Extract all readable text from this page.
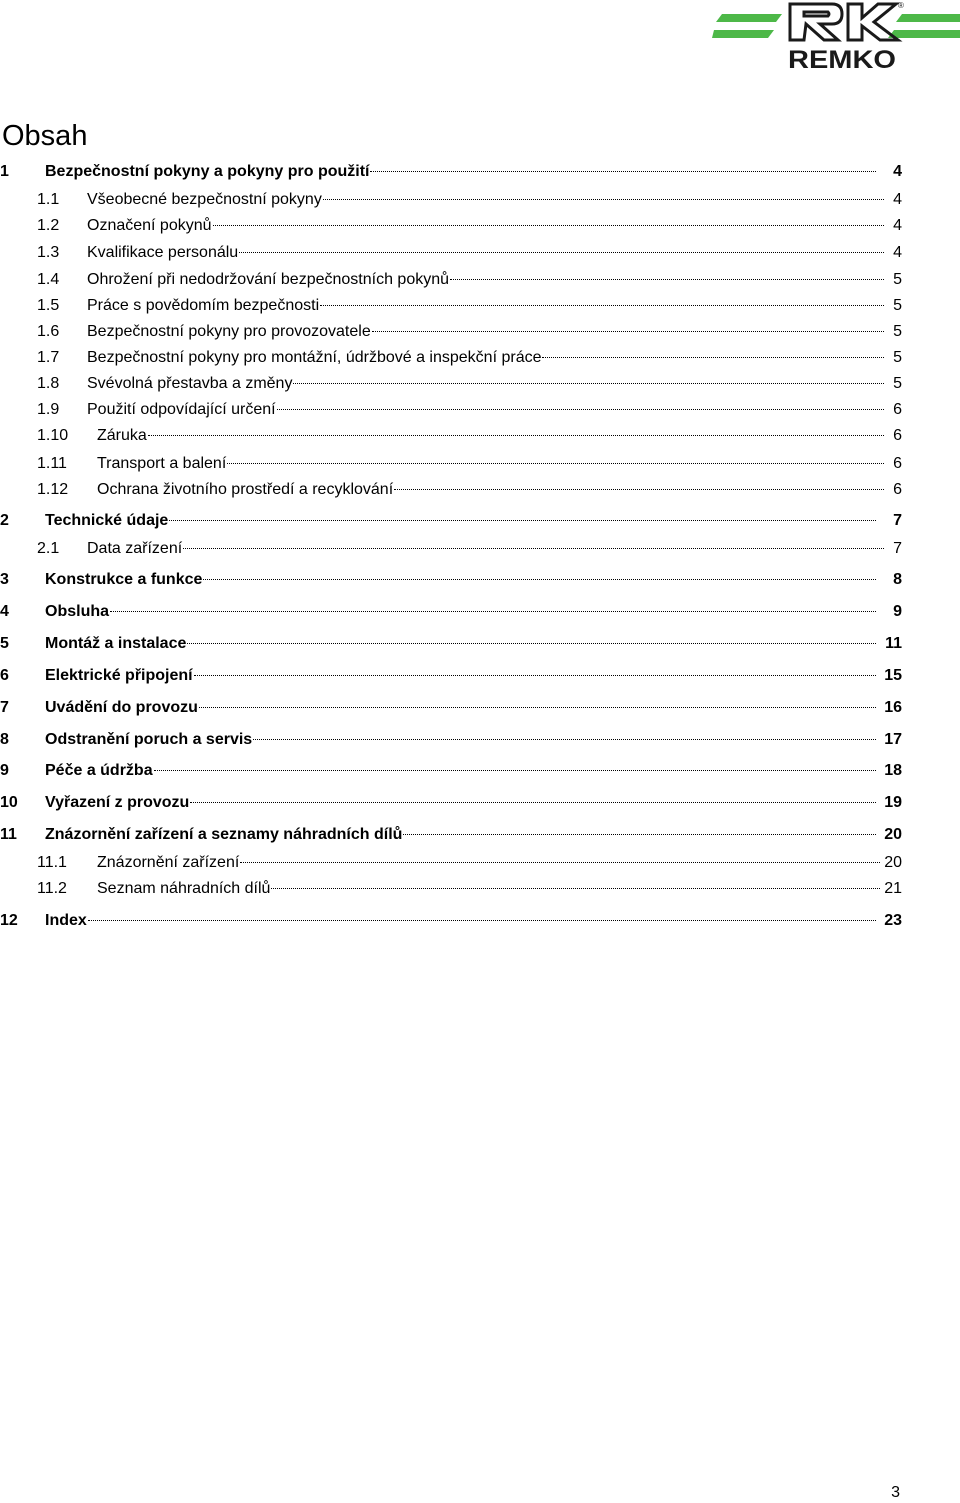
®
REMKO
Obsah
1	Bezpečnostní pokyny a pokyny pro použití	4
1.1	Všeobecné bezpečnostní pokyny	4
1.2	Označení pokynů	4
1.3	Kvalifikace personálu	4
1.4	Ohrožení při nedodržování bezpečnostních pokynů	5
1.5	Práce s povědomím bezpečnosti	5
1.6	Bezpečnostní pokyny pro provozovatele	5
1.7	Bezpečnostní pokyny pro montážní, údržbové a inspekční práce	5
1.8	Svévolná přestavba a změny	5
1.9	Použití odpovídající určení	6
1.10	Záruka	6
1.11	Transport a balení	6
1.12	Ochrana životního prostředí a recyklování	6
2	Technické údaje	7
2.1	Data zařízení	7
3	Konstrukce a funkce	8
4	Obsluha	9
5	Montáž a instalace	11
6	Elektrické připojení	15
7	Uvádění do provozu	16
8	Odstranění poruch a servis	17
9	Péče a údržba	18
10	Vyřazení z provozu	19
11	Znázornění zařízení a seznamy náhradních dílů	20
11.1	Znázornění zařízení	20
11.2	Seznam náhradních dílů	21
12	Index	23
3
